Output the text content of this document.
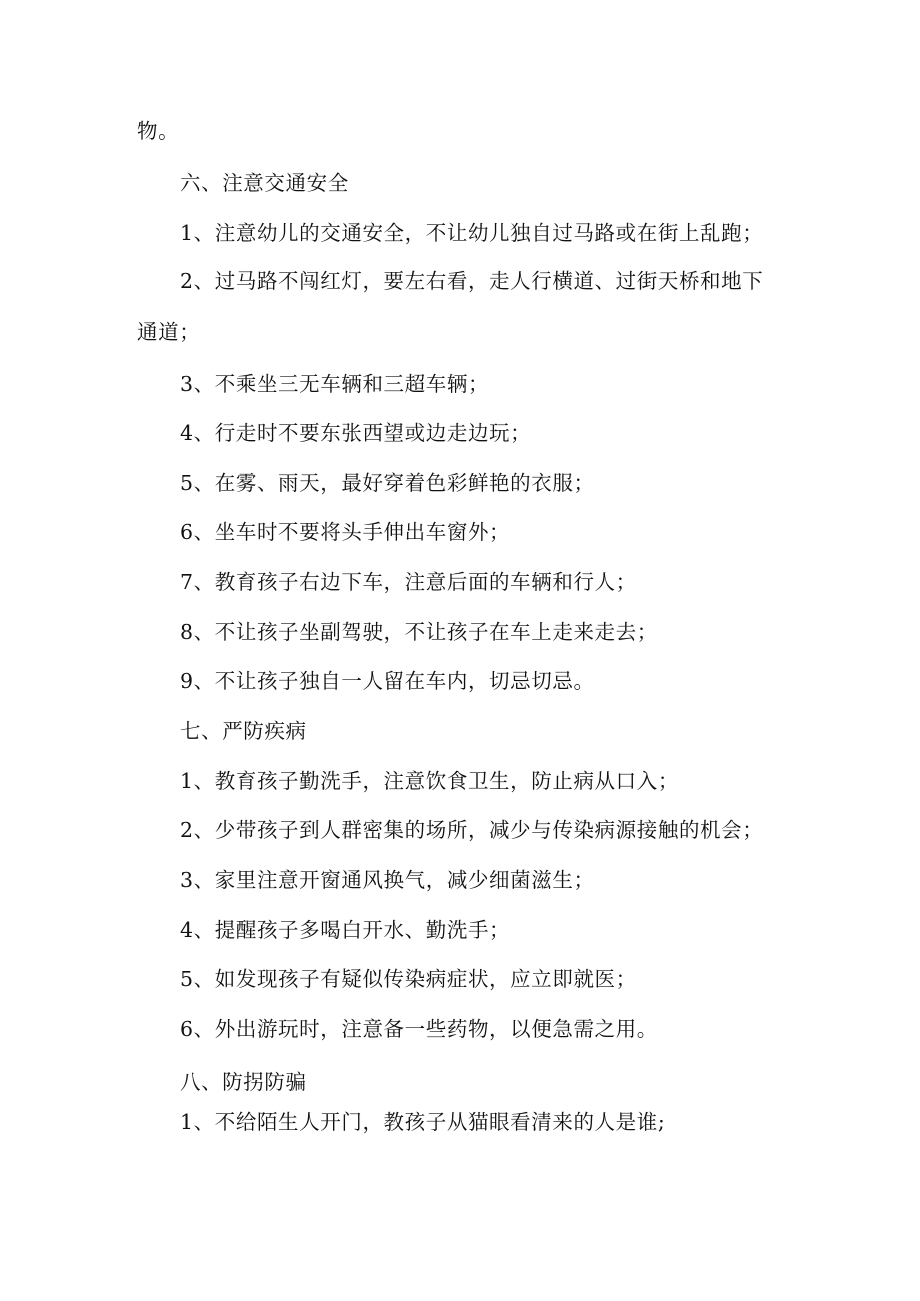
物。
六、注意交通安全
1、注意幼儿的交通安全，不让幼儿独自过马路或在街上乱跑；
2、过马路不闯红灯，要左右看，走人行横道、过街天桥和地下
通道；
3、不乘坐三无车辆和三超车辆；
4、行走时不要东张西望或边走边玩；
5、在雾、雨天，最好穿着色彩鲜艳的衣服；
6、坐车时不要将头手伸出车窗外；
7、教育孩子右边下车，注意后面的车辆和行人；
8、不让孩子坐副驾驶，不让孩子在车上走来走去；
9、不让孩子独自一人留在车内，切忌切忌。
七、严防疾病
1、教育孩子勤洗手，注意饮食卫生，防止病从口入；
2、少带孩子到人群密集的场所，减少与传染病源接触的机会；
3、家里注意开窗通风换气，减少细菌滋生；
4、提醒孩子多喝白开水、勤洗手；
5、如发现孩子有疑似传染病症状，应立即就医；
6、外出游玩时，注意备一些药物，以便急需之用。
八、防拐防骗
1、不给陌生人开门，教孩子从猫眼看清来的人是谁;
